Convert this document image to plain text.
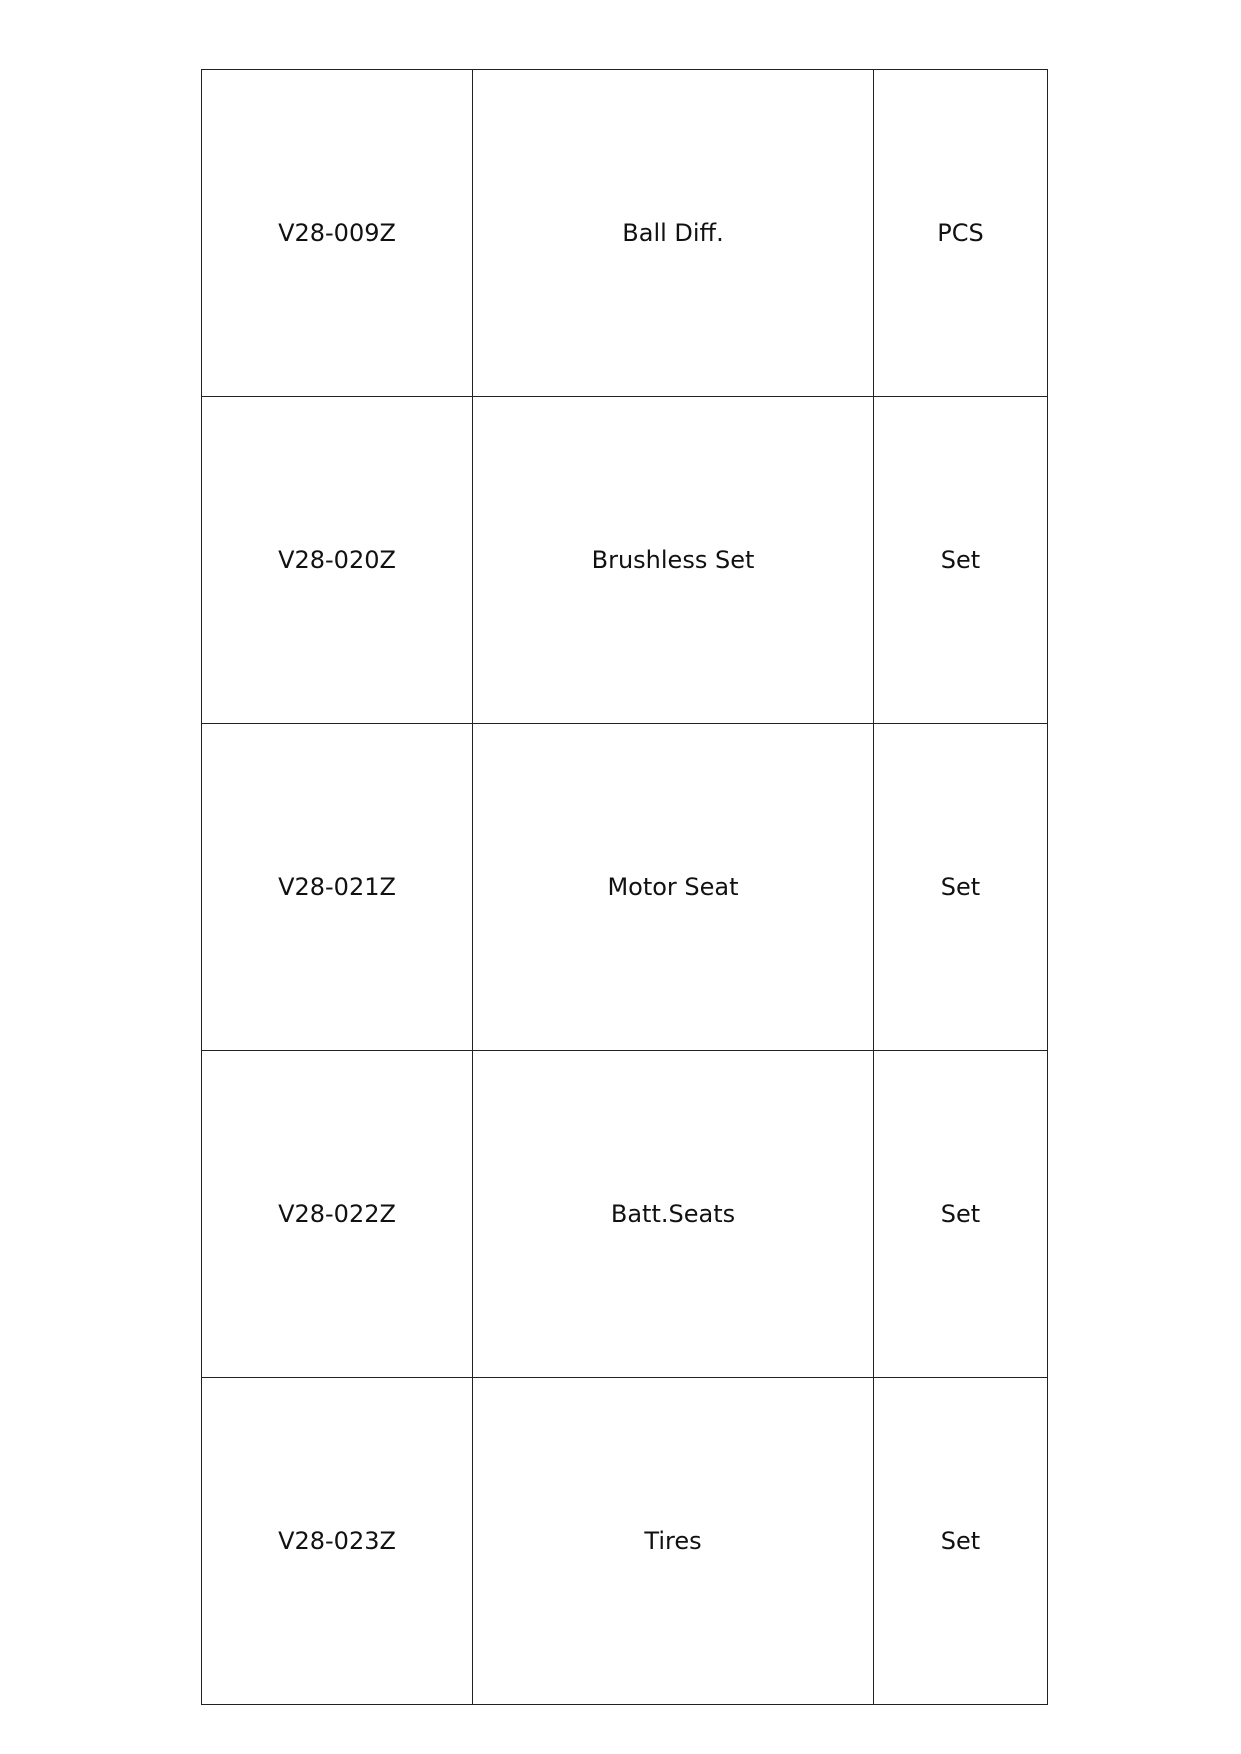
V28-009Z	Ball Diff.	PCS
V28-020Z	Brushless Set	Set
V28-021Z	Motor Seat	Set
V28-022Z	Batt.Seats	Set
V28-023Z	Tires	Set
